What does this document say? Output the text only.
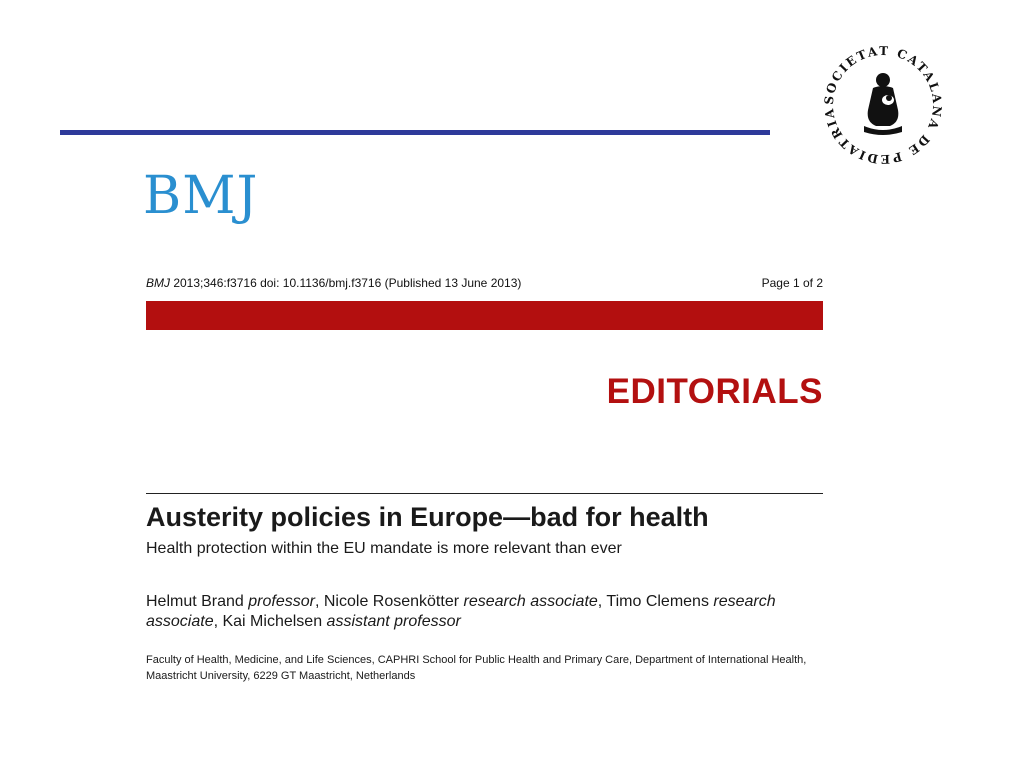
SOCIETAT CATALANA DE PEDIATRIA
BMJ
BMJ 2013;346:f3716 doi: 10.1136/bmj.f3716 (Published 13 June 2013)	Page 1 of 2
EDITORIALS
Austerity policies in Europe—bad for health
Health protection within the EU mandate is more relevant than ever
Helmut Brand professor, Nicole Rosenkötter research associate, Timo Clemens research associate, Kai Michelsen assistant professor
Faculty of Health, Medicine, and Life Sciences, CAPHRI School for Public Health and Primary Care, Department of International Health, Maastricht University, 6229 GT Maastricht, Netherlands
